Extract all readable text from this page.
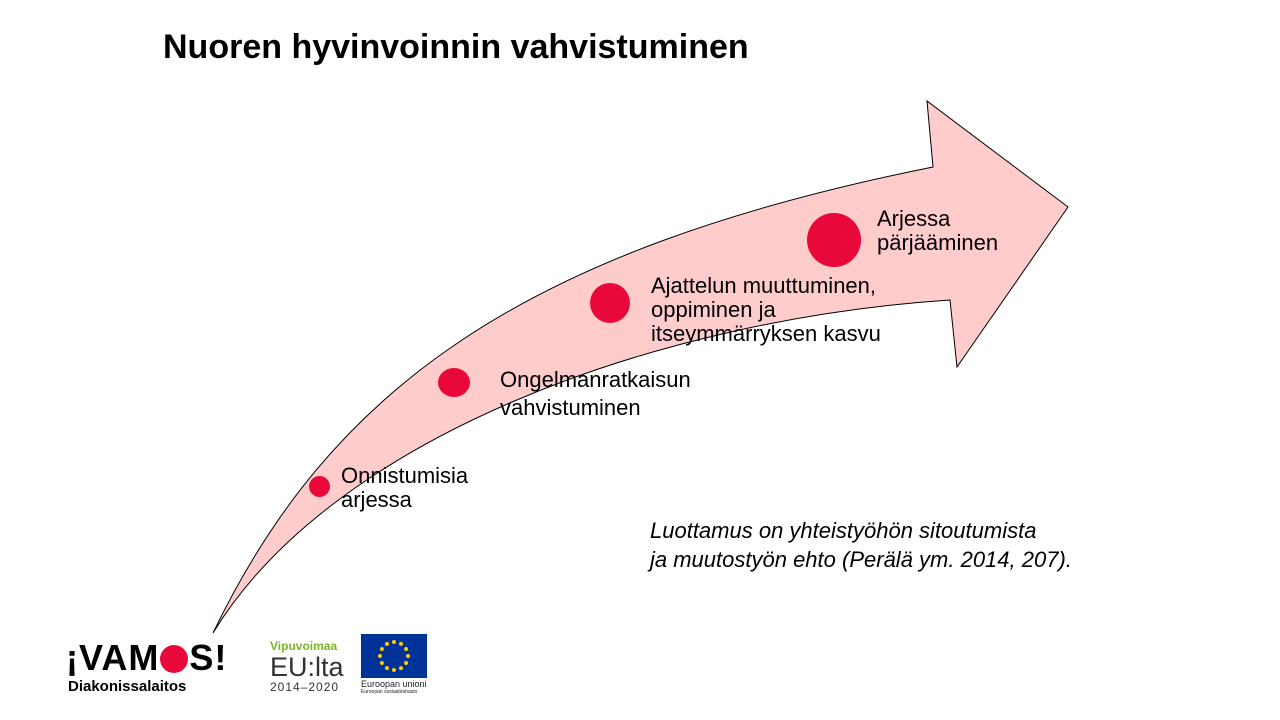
Nuoren hyvinvoinnin vahvistuminen
Onnistumisia
arjessa
Ongelmanratkaisun
vahvistuminen
Ajattelun muuttuminen,
oppiminen ja
itseymmärryksen kasvu
Arjessa
pärjääminen
Luottamus on yhteistyöhön sitoutumista
ja muutostyön ehto (Perälä ym. 2014, 207).
¡VAM S!
Diakonissalaitos
Vipuvoimaa
EU:lta
2014–2020 Euroopan unioni
Euroopan sosiaalirahasto
